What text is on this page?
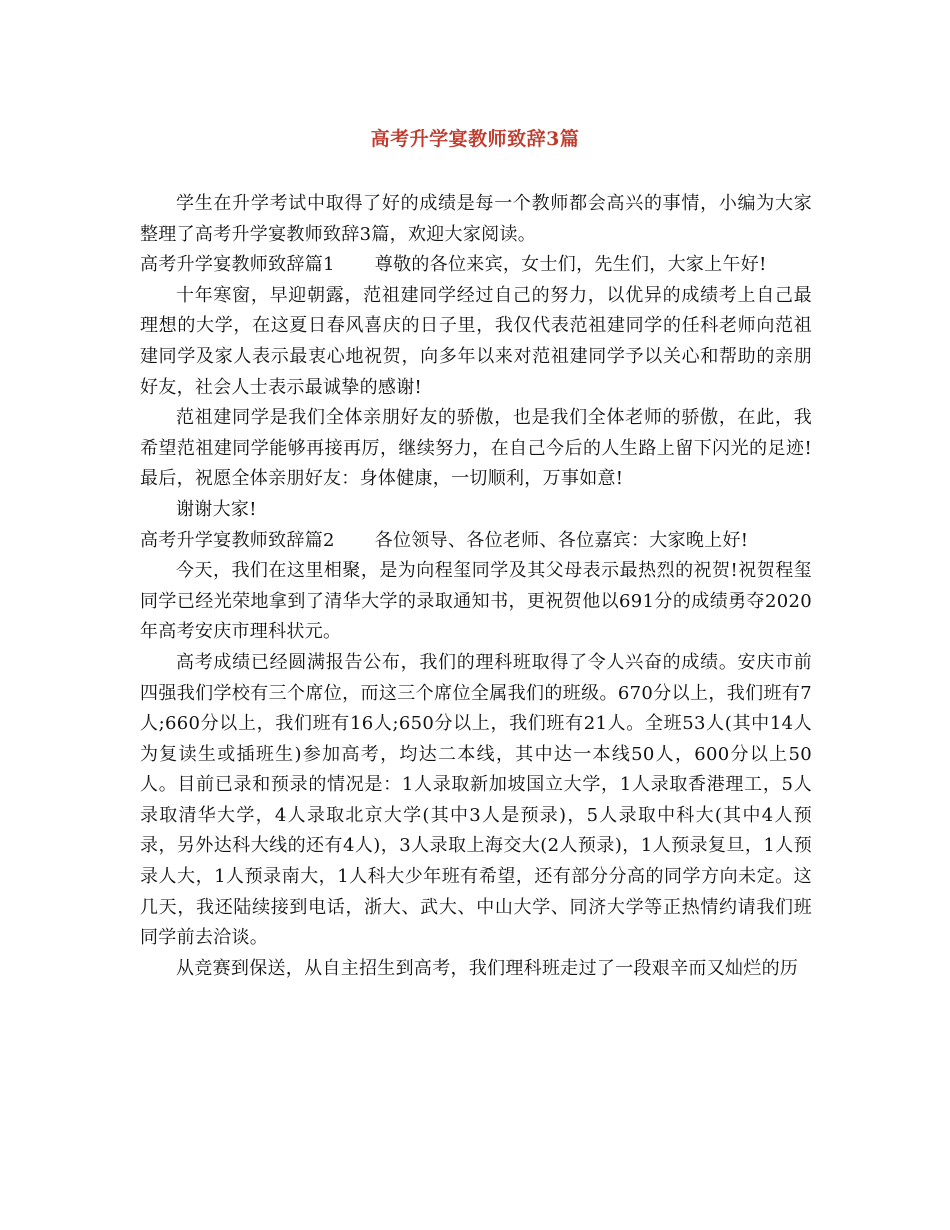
高考升学宴教师致辞3篇

学生在升学考试中取得了好的成绩是每一个教师都会高兴的事情，小编为大家整理了高考升学宴教师致辞3篇，欢迎大家阅读。

高考升学宴教师致辞篇1 尊敬的各位来宾，女士们，先生们，大家上午好!

十年寒窗，早迎朝露，范祖建同学经过自己的努力，以优异的成绩考上自己最理想的大学，在这夏日春风喜庆的日子里，我仅代表范祖建同学的任科老师向范祖建同学及家人表示最衷心地祝贺，向多年以来对范祖建同学予以关心和帮助的亲朋好友，社会人士表示最诚挚的感谢!

范祖建同学是我们全体亲朋好友的骄傲，也是我们全体老师的骄傲，在此，我希望范祖建同学能够再接再厉，继续努力，在自己今后的人生路上留下闪光的足迹!最后，祝愿全体亲朋好友：身体健康，一切顺利，万事如意!

谢谢大家!

高考升学宴教师致辞篇2 各位领导、各位老师、各位嘉宾：大家晚上好!

今天，我们在这里相聚，是为向程玺同学及其父母表示最热烈的祝贺!祝贺程玺同学已经光荣地拿到了清华大学的录取通知书，更祝贺他以691分的成绩勇夺2020年高考安庆市理科状元。

高考成绩已经圆满报告公布，我们的理科班取得了令人兴奋的成绩。安庆市前四强我们学校有三个席位，而这三个席位全属我们的班级。670分以上，我们班有7人;660分以上，我们班有16人;650分以上，我们班有21人。全班53人(其中14人为复读生或插班生)参加高考，均达二本线，其中达一本线50人，600分以上50人。目前已录和预录的情况是：1人录取新加坡国立大学，1人录取香港理工，5人录取清华大学，4人录取北京大学(其中3人是预录)，5人录取中科大(其中4人预录，另外达科大线的还有4人)，3人录取上海交大(2人预录)，1人预录复旦，1人预录人大，1人预录南大，1人科大少年班有希望，还有部分分高的同学方向未定。这几天，我还陆续接到电话，浙大、武大、中山大学、同济大学等正热情约请我们班同学前去洽谈。

从竞赛到保送，从自主招生到高考，我们理科班走过了一段艰辛而又灿烂的历
